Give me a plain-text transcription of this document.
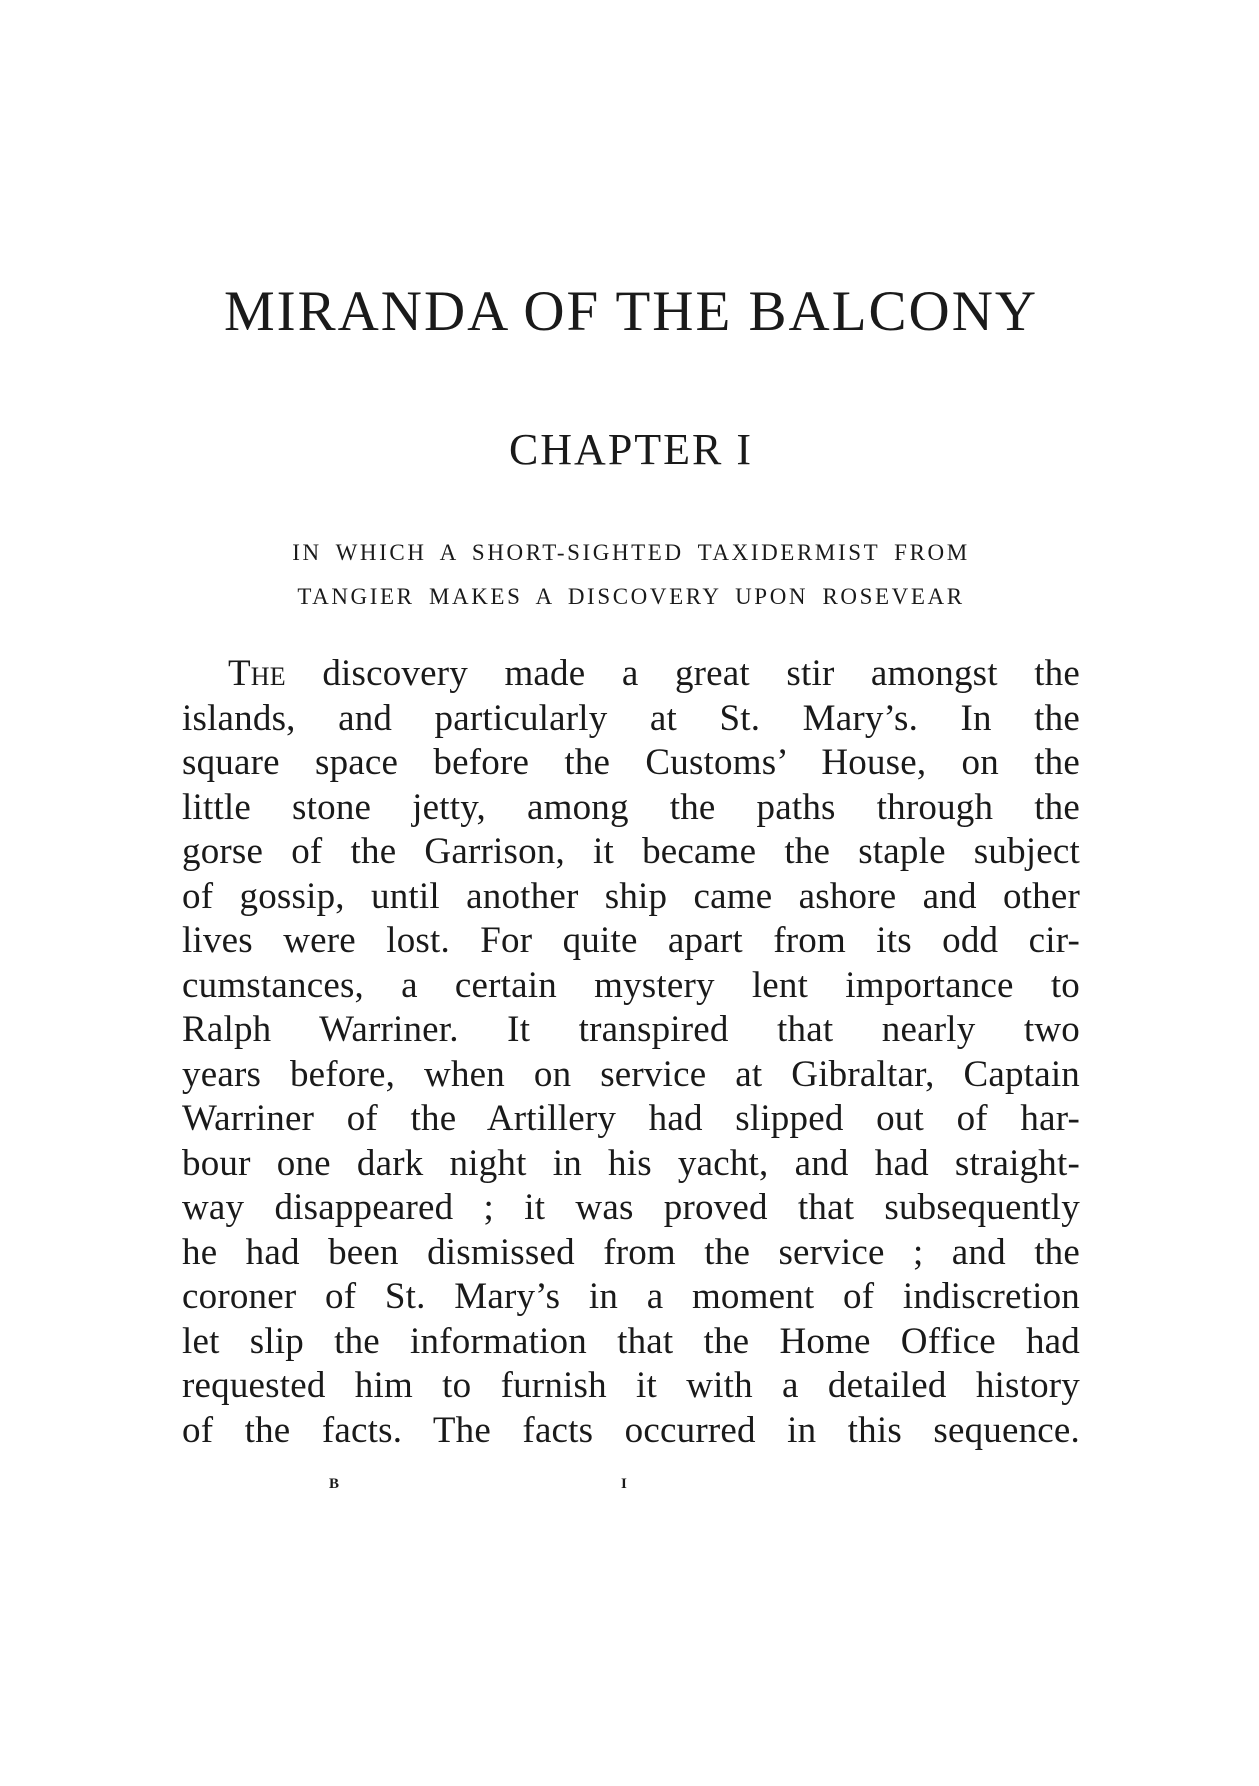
MIRANDA OF THE BALCONY
CHAPTER I
IN WHICH A SHORT-SIGHTED TAXIDERMIST FROM
TANGIER MAKES A DISCOVERY UPON ROSEVEAR
The discovery made a great stir amongst the
islands, and particularly at St. Mary’s. In the
square space before the Customs’ House, on the
little stone jetty, among the paths through the
gorse of the Garrison, it became the staple subject
of gossip, until another ship came ashore and other
lives were lost. For quite apart from its odd cir-
cumstances, a certain mystery lent importance to
Ralph Warriner. It transpired that nearly two
years before, when on service at Gibraltar, Captain
Warriner of the Artillery had slipped out of har-
bour one dark night in his yacht, and had straight-
way disappeared ; it was proved that subsequently
he had been dismissed from the service ; and the
coroner of St. Mary’s in a moment of indiscretion
let slip the information that the Home Office had
requested him to furnish it with a detailed history
of the facts. The facts occurred in this sequence.
B	I
